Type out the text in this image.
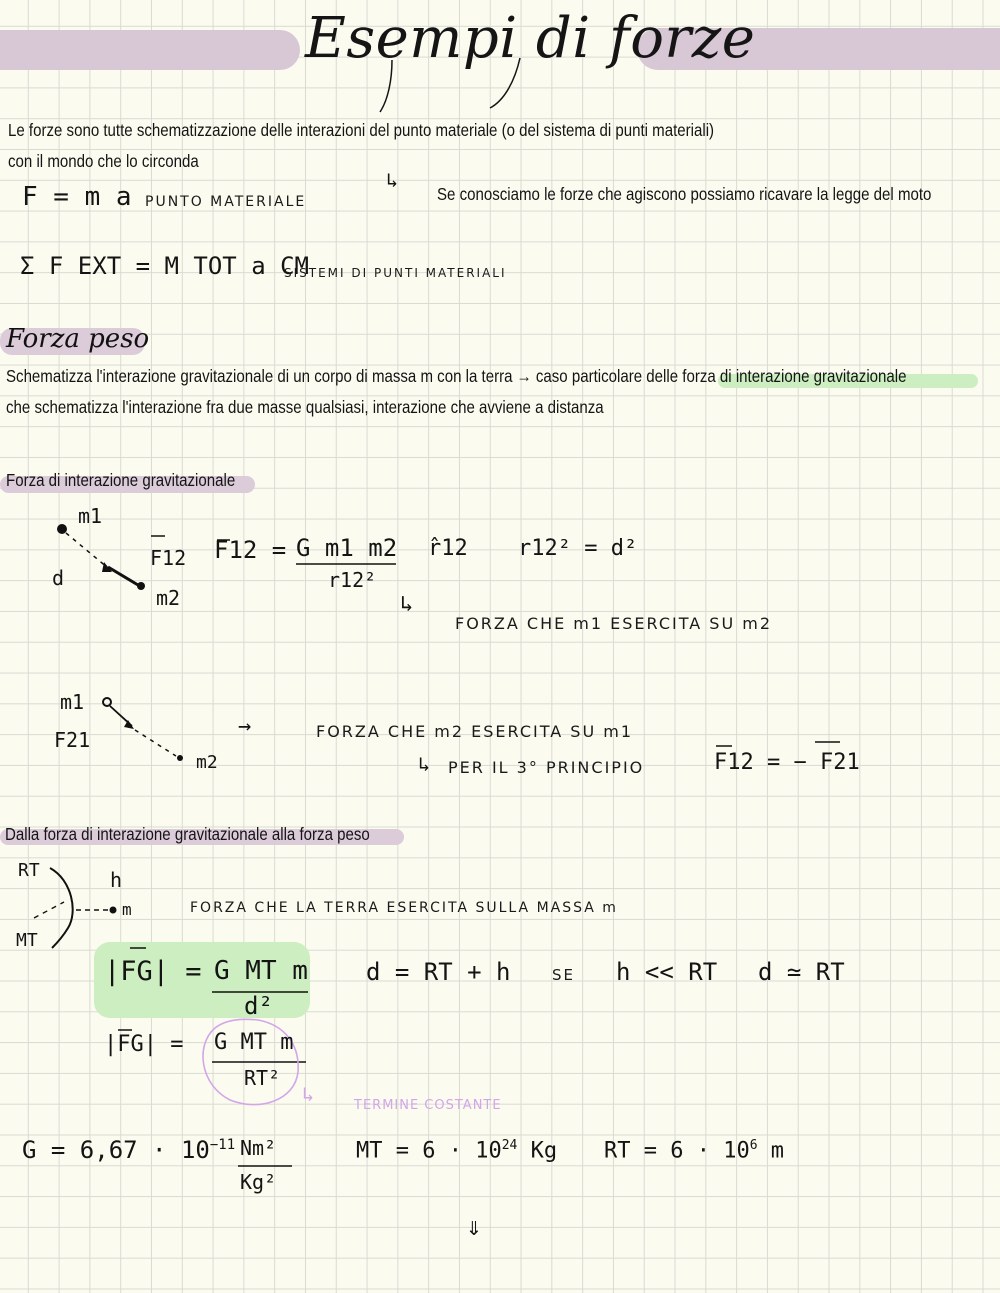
Esempi di forze
Le forze sono tutte schematizzazione delle interazioni del punto materiale (o del sistema di punti materiali)
con il mondo che lo circonda
F = m a PUNTO MATERIALE
↳
Se conosciamo le forze che agiscono possiamo ricavare la legge del moto
Σ F EXT = M TOT a CM
SISTEMI DI PUNTI MATERIALI
Forza peso
Schematizza l'interazione gravitazionale di un corpo di massa m con la terra → caso particolare delle forza di interazione gravitazionale
che schematizza l'interazione fra due masse qualsiasi, interazione che avviene a distanza
Forza di interazione gravitazionale
m1
d
m2
F12 F12 = G m1 m2
r12²
r̂12 r12² = d²
↳
FORZA CHE m1 ESERCITA SU m2
m1
F21
m2
→	FORZA CHE m2 ESERCITA SU m1
↳ PER IL 3° PRINCIPIO	F12 = − F21
Dalla forza di interazione gravitazionale alla forza peso
RT
MT
h
m	FORZA CHE LA TERRA ESERCITA SULLA MASSA m
|FG| = G MT m
d²
d = RT + h	SE h << RT d ≃ RT
|FG| = G MT m
RT²
↳	TERMINE COSTANTE
$G = 6,67 \cdot 10^{-11}$ Nm²
Kg²
MT = $6 \cdot 10^{24}$ Kg RT = $6 \cdot 10^6$ m
⇓
